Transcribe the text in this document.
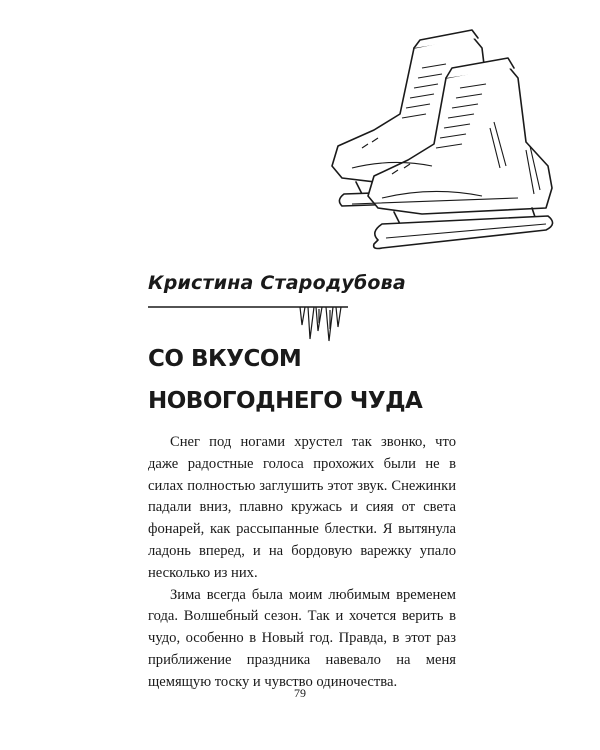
Кристина Стародубова
СО ВКУСОМ
НОВОГОДНЕГО ЧУДА

Снег под ногами хрустел так звонко, что даже радостные голоса прохожих были не в силах полностью заглушить этот звук. Снежинки падали вниз, плавно кружась и сияя от света фонарей, как рассыпанные блестки. Я вытянула ладонь вперед, и на бордовую варежку упало несколько из них.

Зима всегда была моим любимым временем года. Волшебный сезон. Так и хочется верить в чудо, особенно в Новый год. Правда, в этот раз приближение праздника навевало на меня щемящую тоску и чувство одиночества.

79
